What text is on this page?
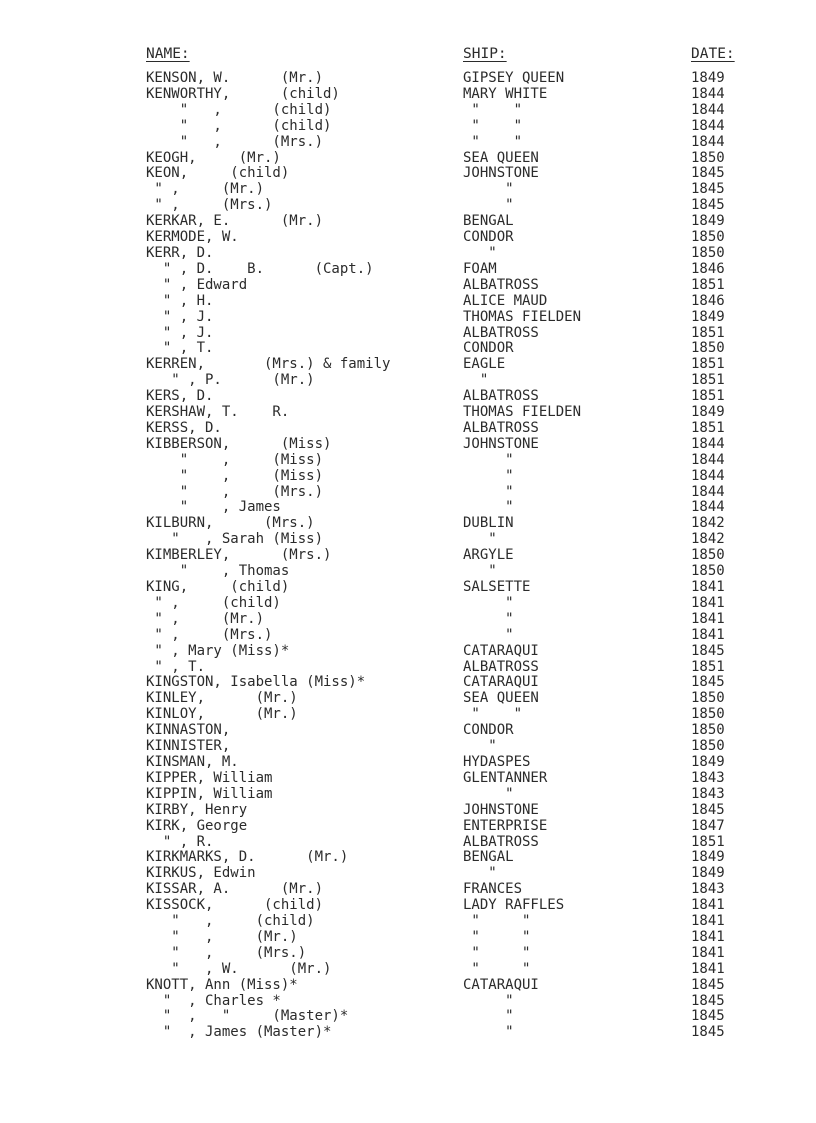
NAME:	SHIP:	DATE:
KENSON, W.      (Mr.)	GIPSEY QUEEN	1849
KENWORTHY,      (child)	MARY WHITE	1844
"   ,      (child)	"    "	1844
"   ,      (child)	"    "	1844
"   ,      (Mrs.)	"    "	1844
KEOGH,     (Mr.)	SEA QUEEN	1850
KEON,     (child)	JOHNSTONE	1845
" ,     (Mr.)	"	1845
" ,     (Mrs.)	"	1845
KERKAR, E.      (Mr.)	BENGAL	1849
KERMODE, W.	CONDOR	1850
KERR, D.	"	1850
" , D.    B.      (Capt.)	FOAM	1846
" , Edward	ALBATROSS	1851
" , H.	ALICE MAUD	1846
" , J.	THOMAS FIELDEN	1849
" , J.	ALBATROSS	1851
" , T.	CONDOR	1850
KERREN,       (Mrs.) & family	EAGLE	1851
" , P.      (Mr.)	"	1851
KERS, D.	ALBATROSS	1851
KERSHAW, T.    R.	THOMAS FIELDEN	1849
KERSS, D.	ALBATROSS	1851
KIBBERSON,      (Miss)	JOHNSTONE	1844
"    ,     (Miss)	"	1844
"    ,     (Miss)	"	1844
"    ,     (Mrs.)	"	1844
"    , James	"	1844
KILBURN,      (Mrs.)	DUBLIN	1842
"   , Sarah (Miss)	"	1842
KIMBERLEY,      (Mrs.)	ARGYLE	1850
"    , Thomas	"	1850
KING,     (child)	SALSETTE	1841
" ,     (child)	"	1841
" ,     (Mr.)	"	1841
" ,     (Mrs.)	"	1841
" , Mary (Miss)*	CATARAQUI	1845
" , T.	ALBATROSS	1851
KINGSTON, Isabella (Miss)*	CATARAQUI	1845
KINLEY,      (Mr.)	SEA QUEEN	1850
KINLOY,      (Mr.)	"    "	1850
KINNASTON,	CONDOR	1850
KINNISTER,	"	1850
KINSMAN, M.	HYDASPES	1849
KIPPER, William	GLENTANNER	1843
KIPPIN, William	"	1843
KIRBY, Henry	JOHNSTONE	1845
KIRK, George	ENTERPRISE	1847
" , R.	ALBATROSS	1851
KIRKMARKS, D.      (Mr.)	BENGAL	1849
KIRKUS, Edwin	"	1849
KISSAR, A.      (Mr.)	FRANCES	1843
KISSOCK,      (child)	LADY RAFFLES	1841
"   ,     (child)	"     "	1841
"   ,     (Mr.)	"     "	1841
"   ,     (Mrs.)	"     "	1841
"   , W.      (Mr.)	"     "	1841
KNOTT, Ann (Miss)*	CATARAQUI	1845
"  , Charles *	"	1845
"  ,   "     (Master)*	"	1845
"  , James (Master)*	"	1845
